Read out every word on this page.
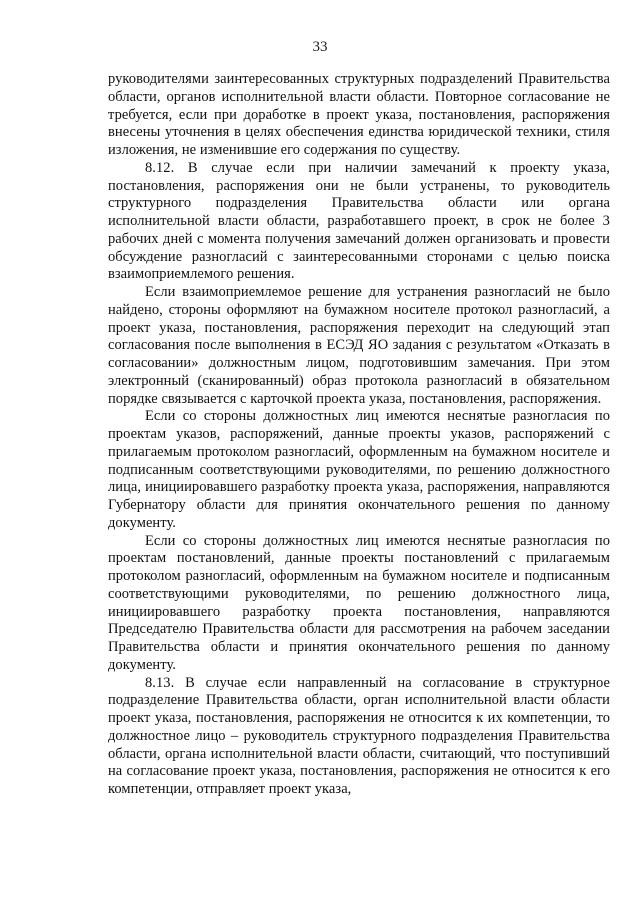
33

руководителями заинтересованных структурных подразделений Правительства области, органов исполнительной власти области. Повторное согласование не требуется, если при доработке в проект указа, постановления, распоряжения внесены уточнения в целях обеспечения единства юридической техники, стиля изложения, не изменившие его содержания по существу.

8.12. В случае если при наличии замечаний к проекту указа, постановления, распоряжения они не были устранены, то руководитель структурного подразделения Правительства области или органа исполнительной власти области, разработавшего проект, в срок не более 3 рабочих дней с момента получения замечаний должен организовать и провести обсуждение разногласий с заинтересованными сторонами с целью поиска взаимоприемлемого решения.

Если взаимоприемлемое решение для устранения разногласий не было найдено, стороны оформляют на бумажном носителе протокол разногласий, а проект указа, постановления, распоряжения переходит на следующий этап согласования после выполнения в ЕСЭД ЯО задания с результатом «Отказать в согласовании» должностным лицом, подготовившим замечания. При этом электронный (сканированный) образ протокола разногласий в обязательном порядке связывается с карточкой проекта указа, постановления, распоряжения.

Если со стороны должностных лиц имеются неснятые разногласия по проектам указов, распоряжений, данные проекты указов, распоряжений с прилагаемым протоколом разногласий, оформленным на бумажном носителе и подписанным соответствующими руководителями, по решению должностного лица, инициировавшего разработку проекта указа, распоряжения, направляются Губернатору области для принятия окончательного решения по данному документу.

Если со стороны должностных лиц имеются неснятые разногласия по проектам постановлений, данные проекты постановлений с прилагаемым протоколом разногласий, оформленным на бумажном носителе и подписанным соответствующими руководителями, по решению должностного лица, инициировавшего разработку проекта постановления, направляются Председателю Правительства области для рассмотрения на рабочем заседании Правительства области и принятия окончательного решения по данному документу.

8.13. В случае если направленный на согласование в структурное подразделение Правительства области, орган исполнительной власти области проект указа, постановления, распоряжения не относится к их компетенции, то должностное лицо – руководитель структурного подразделения Правительства области, органа исполнительной власти области, считающий, что поступивший на согласование проект указа, постановления, распоряжения не относится к его компетенции, отправляет проект указа,
